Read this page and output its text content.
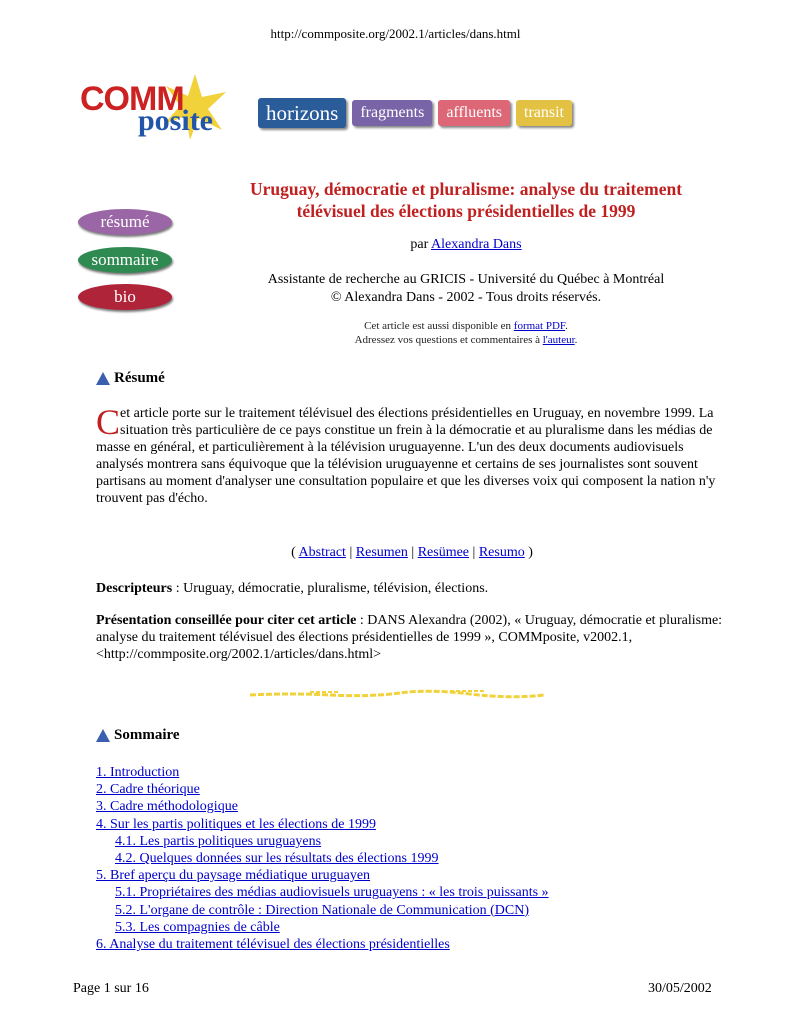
http://commposite.org/2002.1/articles/dans.html
COMM
posite	horizons	fragments	affluents	transit
résumé
sommaire
bio
Uruguay, démocratie et pluralisme: analyse du traitement télévisuel des élections présidentielles de 1999
par Alexandra Dans
Assistante de recherche au GRICIS - Université du Québec à Montréal
© Alexandra Dans - 2002 - Tous droits réservés.
Cet article est aussi disponible en format PDF.
Adressez vos questions et commentaires à l'auteur.
Résumé
Cet article porte sur le traitement télévisuel des élections présidentielles en Uruguay, en novembre 1999. La situation très particulière de ce pays constitue un frein à la démocratie et au pluralisme dans les médias de masse en général, et particulièrement à la télévision uruguayenne. L'un des deux documents audiovisuels analysés montrera sans équivoque que la télévision uruguayenne et certains de ses journalistes sont souvent partisans au moment d'analyser une consultation populaire et que les diverses voix qui composent la nation n'y trouvent pas d'écho.
( Abstract | Resumen | Resümee | Resumo )
Descripteurs : Uruguay, démocratie, pluralisme, télévision, élections.
Présentation conseillée pour citer cet article : DANS Alexandra (2002), « Uruguay, démocratie et pluralisme: analyse du traitement télévisuel des élections présidentielles de 1999 », COMMposite, v2002.1, <http://commposite.org/2002.1/articles/dans.html>
Sommaire
1. Introduction
2. Cadre théorique
3. Cadre méthodologique
4. Sur les partis politiques et les élections de 1999
4.1. Les partis politiques uruguayens
4.2. Quelques données sur les résultats des élections 1999
5. Bref aperçu du paysage médiatique uruguayen
5.1. Propriétaires des médias audiovisuels uruguayens : « les trois puissants »
5.2. L'organe de contrôle : Direction Nationale de Communication (DCN)
5.3. Les compagnies de câble
6. Analyse du traitement télévisuel des élections présidentielles
Page 1 sur 16	30/05/2002
